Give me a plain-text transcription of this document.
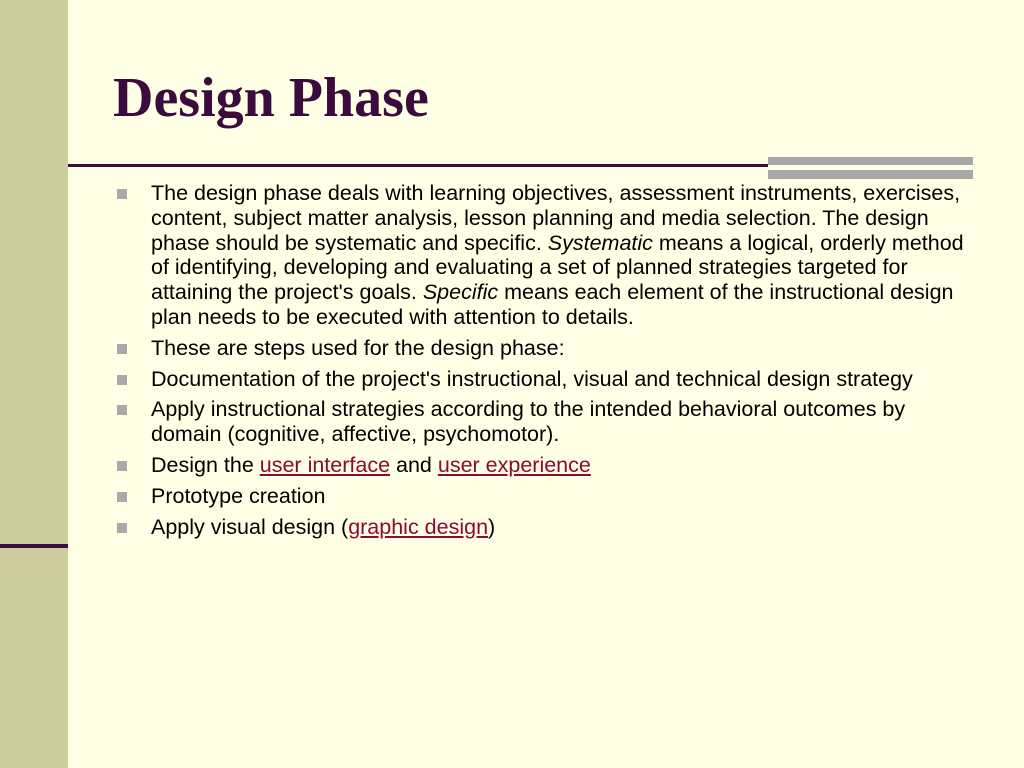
Design Phase
The design phase deals with learning objectives, assessment instruments, exercises, content, subject matter analysis, lesson planning and media selection. The design phase should be systematic and specific. Systematic means a logical, orderly method of identifying, developing and evaluating a set of planned strategies targeted for attaining the project's goals. Specific means each element of the instructional design plan needs to be executed with attention to details.
These are steps used for the design phase:
Documentation of the project's instructional, visual and technical design strategy
Apply instructional strategies according to the intended behavioral outcomes by domain (cognitive, affective, psychomotor).
Design the user interface and user experience
Prototype creation
Apply visual design (graphic design)
